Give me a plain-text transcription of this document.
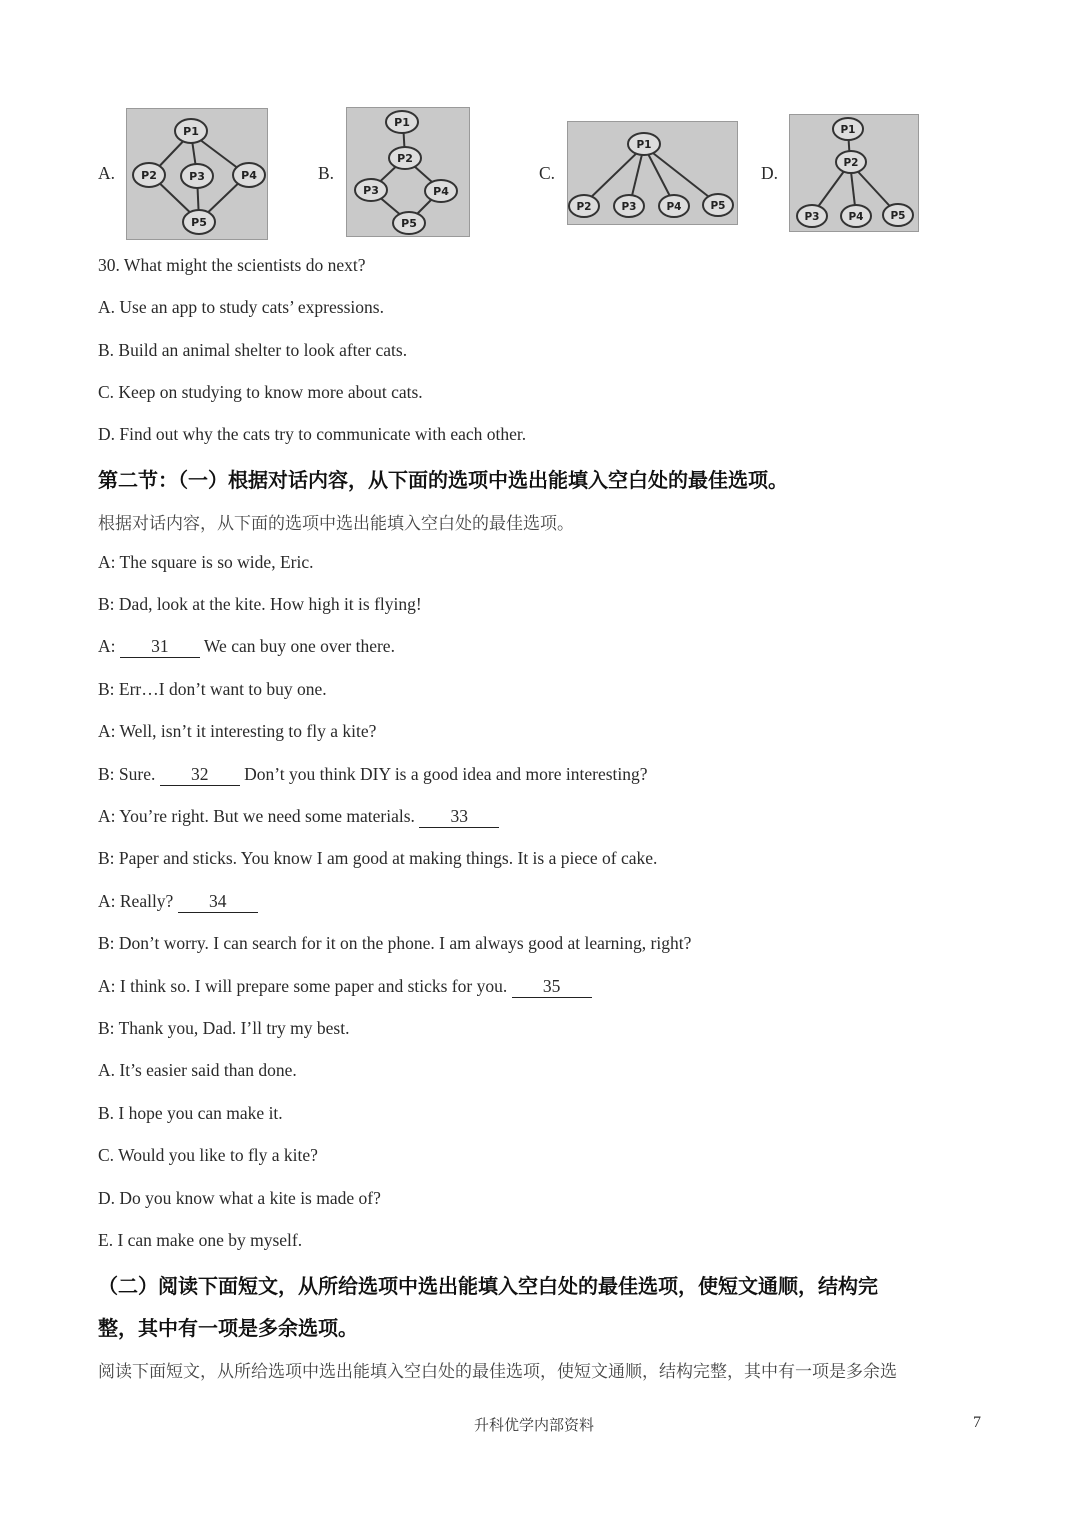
A.
P1
P2	P3	P4
P5
B.
P1
P2
P3	P4
P5
C.
P1
P2	P3	P4	P5
D.
P1
P2
P3	P4	P5
30. What might the scientists do next?
A. Use an app to study cats’ expressions.
B. Build an animal shelter to look after cats.
C. Keep on studying to know more about cats.
D. Find out why the cats try to communicate with each other.
第二节：（一）根据对话内容，从下面的选项中选出能填入空白处的最佳选项。
根据对话内容，从下面的选项中选出能填入空白处的最佳选项。
A: The square is so wide, Eric.
B: Dad, look at the kite. How high it is flying!
A: 31 We can buy one over there.
B: Err…I don’t want to buy one.
A: Well, isn’t it interesting to fly a kite?
B: Sure. 32 Don’t you think DIY is a good idea and more interesting?
A: You’re right. But we need some materials. 33
B: Paper and sticks. You know I am good at making things. It is a piece of cake.
A: Really? 34
B: Don’t worry. I can search for it on the phone. I am always good at learning, right?
A: I think so. I will prepare some paper and sticks for you. 35
B: Thank you, Dad. I’ll try my best.
A. It’s easier said than done.
B. I hope you can make it.
C. Would you like to fly a kite?
D. Do you know what a kite is made of?
E. I can make one by myself.
（二）阅读下面短文，从所给选项中选出能填入空白处的最佳选项，使短文通顺，结构完
整，其中有一项是多余选项。
阅读下面短文，从所给选项中选出能填入空白处的最佳选项，使短文通顺，结构完整，其中有一项是多余选
升科优学内部资料	7
